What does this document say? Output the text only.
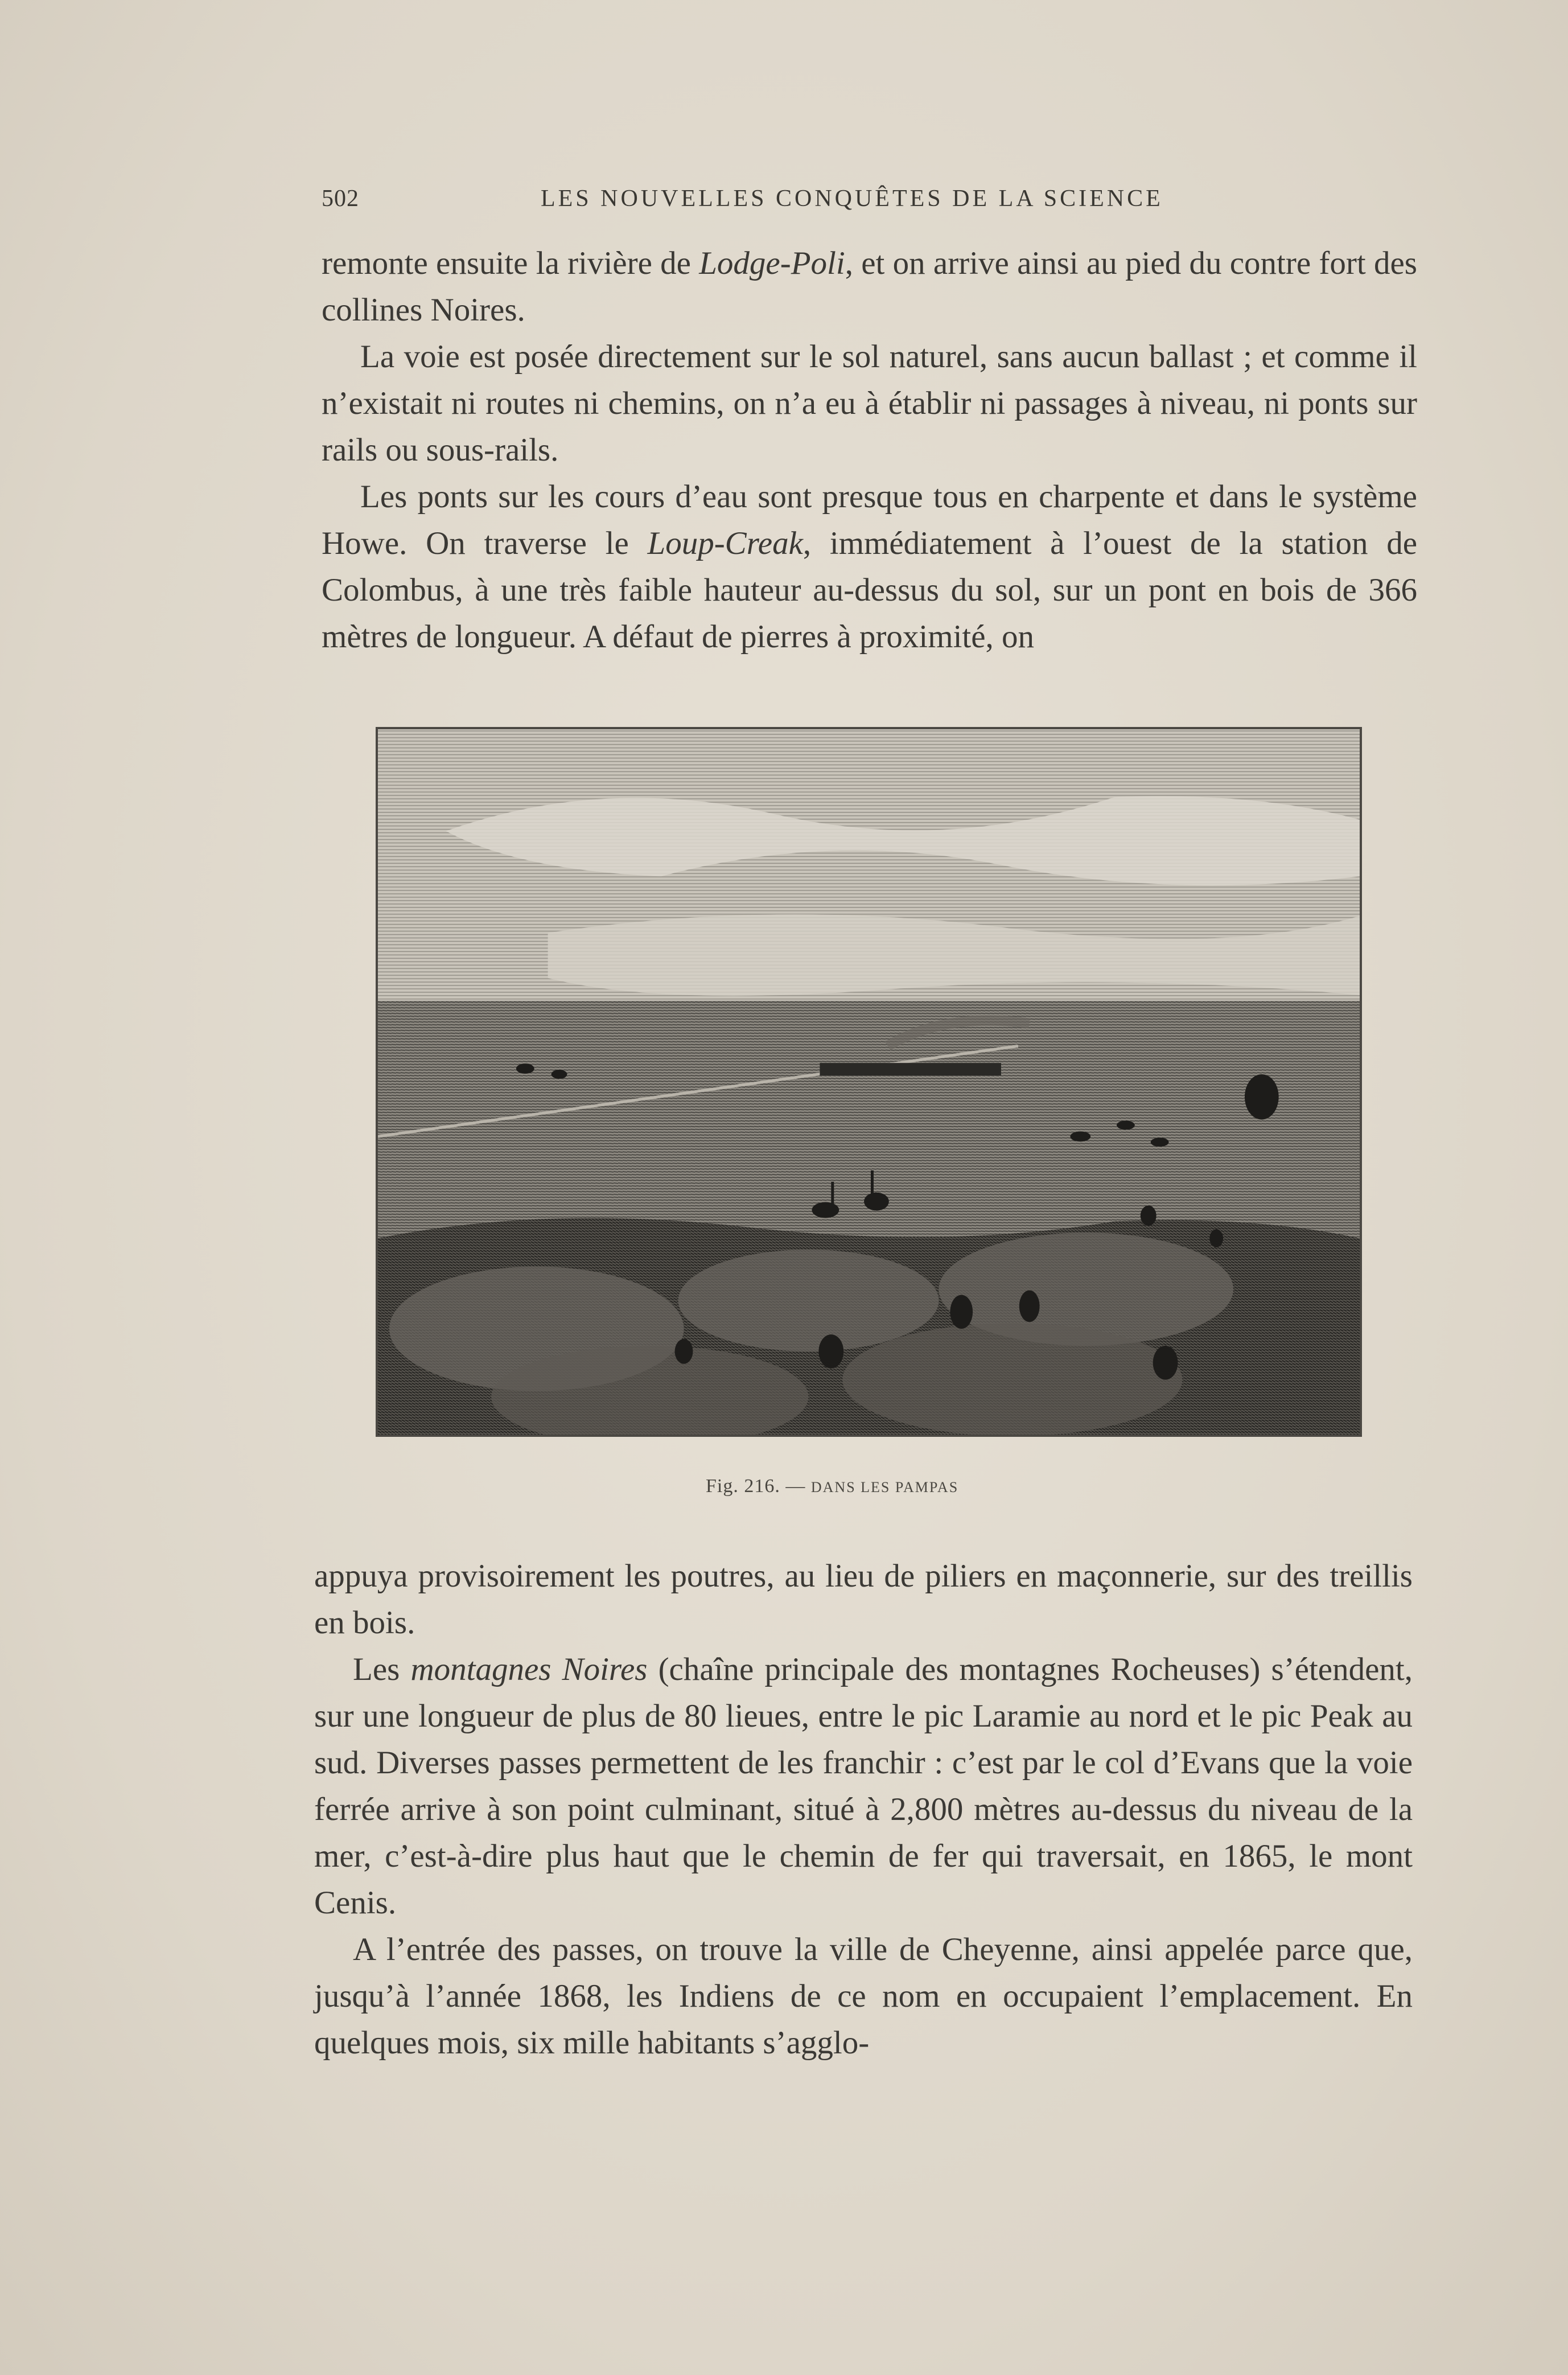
502	LES NOUVELLES CONQUÊTES DE LA SCIENCE

remonte ensuite la rivière de Lodge-Poli, et on arrive ainsi au pied du contre fort des collines Noires.

La voie est posée directement sur le sol naturel, sans aucun ballast ; et comme il n’existait ni routes ni chemins, on n’a eu à établir ni passages à niveau, ni ponts sur rails ou sous-rails.

Les ponts sur les cours d’eau sont presque tous en charpente et dans le système Howe. On traverse le Loup-Creak, immédiatement à l’ouest de la station de Colombus, à une très faible hauteur au-dessus du sol, sur un pont en bois de 366 mètres de longueur. A défaut de pierres à proximité, on

Fig. 216. — DANS LES PAMPAS

appuya provisoirement les poutres, au lieu de piliers en maçonnerie, sur des treillis en bois.

Les montagnes Noires (chaîne principale des montagnes Rocheuses) s’étendent, sur une longueur de plus de 80 lieues, entre le pic Laramie au nord et le pic Peak au sud. Diverses passes permettent de les franchir : c’est par le col d’Evans que la voie ferrée arrive à son point culminant, situé à 2,800 mètres au-dessus du niveau de la mer, c’est-à-dire plus haut que le chemin de fer qui traversait, en 1865, le mont Cenis.

A l’entrée des passes, on trouve la ville de Cheyenne, ainsi appelée parce que, jusqu’à l’année 1868, les Indiens de ce nom en occupaient l’emplacement. En quelques mois, six mille habitants s’agglo-
